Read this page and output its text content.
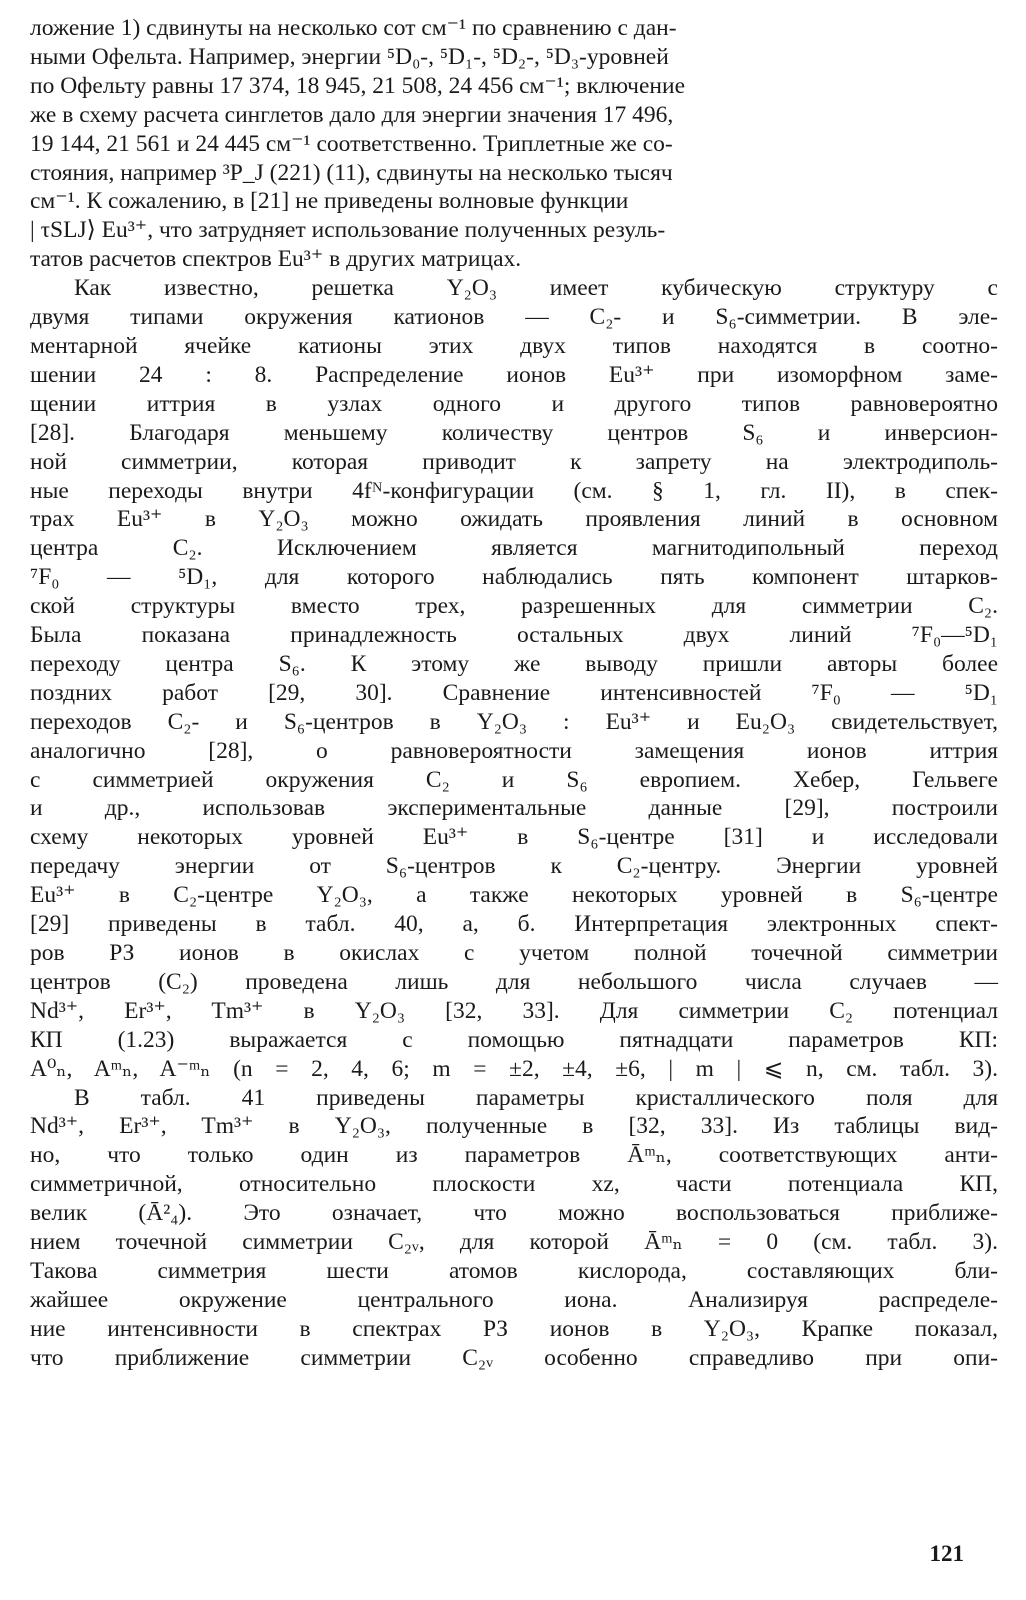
ложение 1) сдвинуты на несколько сот см⁻¹ по сравнению с дан-
ными Офельта. Например, энергии ⁵D₀-, ⁵D₁-, ⁵D₂-, ⁵D₃-уровней
по Офельту равны 17 374, 18 945, 21 508, 24 456 см⁻¹; включение
же в схему расчета синглетов дало для энергии значения 17 496,
19 144, 21 561 и 24 445 см⁻¹ соответственно. Триплетные же со-
стояния, например ³P_J (221) (11), сдвинуты на несколько тысяч
см⁻¹. К сожалению, в [21] не приведены волновые функции
| τSLJ⟩ Eu³⁺, что затрудняет использование полученных резуль-
татов расчетов спектров Eu³⁺ в других матрицах.
Как известно, решетка Y₂O₃ имеет кубическую структуру с
двумя типами окружения катионов — C₂- и S₆-симметрии. В эле-
ментарной ячейке катионы этих двух типов находятся в соотно-
шении 24 : 8. Распределение ионов Eu³⁺ при изоморфном заме-
щении иттрия в узлах одного и другого типов равновероятно
[28]. Благодаря меньшему количеству центров S₆ и инверсион-
ной симметрии, которая приводит к запрету на электродиполь-
ные переходы внутри 4fᴺ-конфигурации (см. § 1, гл. II), в спек-
трах Eu³⁺ в Y₂O₃ можно ожидать проявления линий в основном
центра C₂. Исключением является магнитодипольный переход
⁷F₀ — ⁵D₁, для которого наблюдались пять компонент штарков-
ской структуры вместо трех, разрешенных для симметрии C₂.
Была показана принадлежность остальных двух линий ⁷F₀—⁵D₁
переходу центра S₆. К этому же выводу пришли авторы более
поздних работ [29, 30]. Сравнение интенсивностей ⁷F₀ — ⁵D₁
переходов C₂- и S₆-центров в Y₂O₃ : Eu³⁺ и Eu₂O₃ свидетельствует,
аналогично [28], о равновероятности замещения ионов иттрия
с симметрией окружения C₂ и S₆ европием. Хебер, Гельвеге
и др., использовав экспериментальные данные [29], построили
схему некоторых уровней Eu³⁺ в S₆-центре [31] и исследовали
передачу энергии от S₆-центров к C₂-центру. Энергии уровней
Eu³⁺ в C₂-центре Y₂O₃, а также некоторых уровней в S₆-центре
[29] приведены в табл. 40, а, б. Интерпретация электронных спект-
ров РЗ ионов в окислах с учетом полной точечной симметрии
центров (C₂) проведена лишь для небольшого числа случаев —
Nd³⁺, Er³⁺, Tm³⁺ в Y₂O₃ [32, 33]. Для симметрии C₂ потенциал
КП (1.23) выражается с помощью пятнадцати параметров КП:
A⁰ₙ, Aᵐₙ, A⁻ᵐₙ (n = 2, 4, 6; m = ±2, ±4, ±6, | m | ⩽ n, см. табл. 3).
В табл. 41 приведены параметры кристаллического поля для
Nd³⁺, Er³⁺, Tm³⁺ в Y₂O₃, полученные в [32, 33]. Из таблицы вид-
но, что только один из параметров Āᵐₙ, соответствующих анти-
симметричной, относительно плоскости xz, части потенциала КП,
велик (Ā²₄). Это означает, что можно воспользоваться приближе-
нием точечной симметрии C₂ᵥ, для которой Āᵐₙ = 0 (см. табл. 3).
Такова симметрия шести атомов кислорода, составляющих бли-
жайшее окружение центрального иона. Анализируя распределе-
ние интенсивности в спектрах РЗ ионов в Y₂O₃, Крапке показал,
что приближение симметрии C₂ᵥ особенно справедливо при опи-
121
